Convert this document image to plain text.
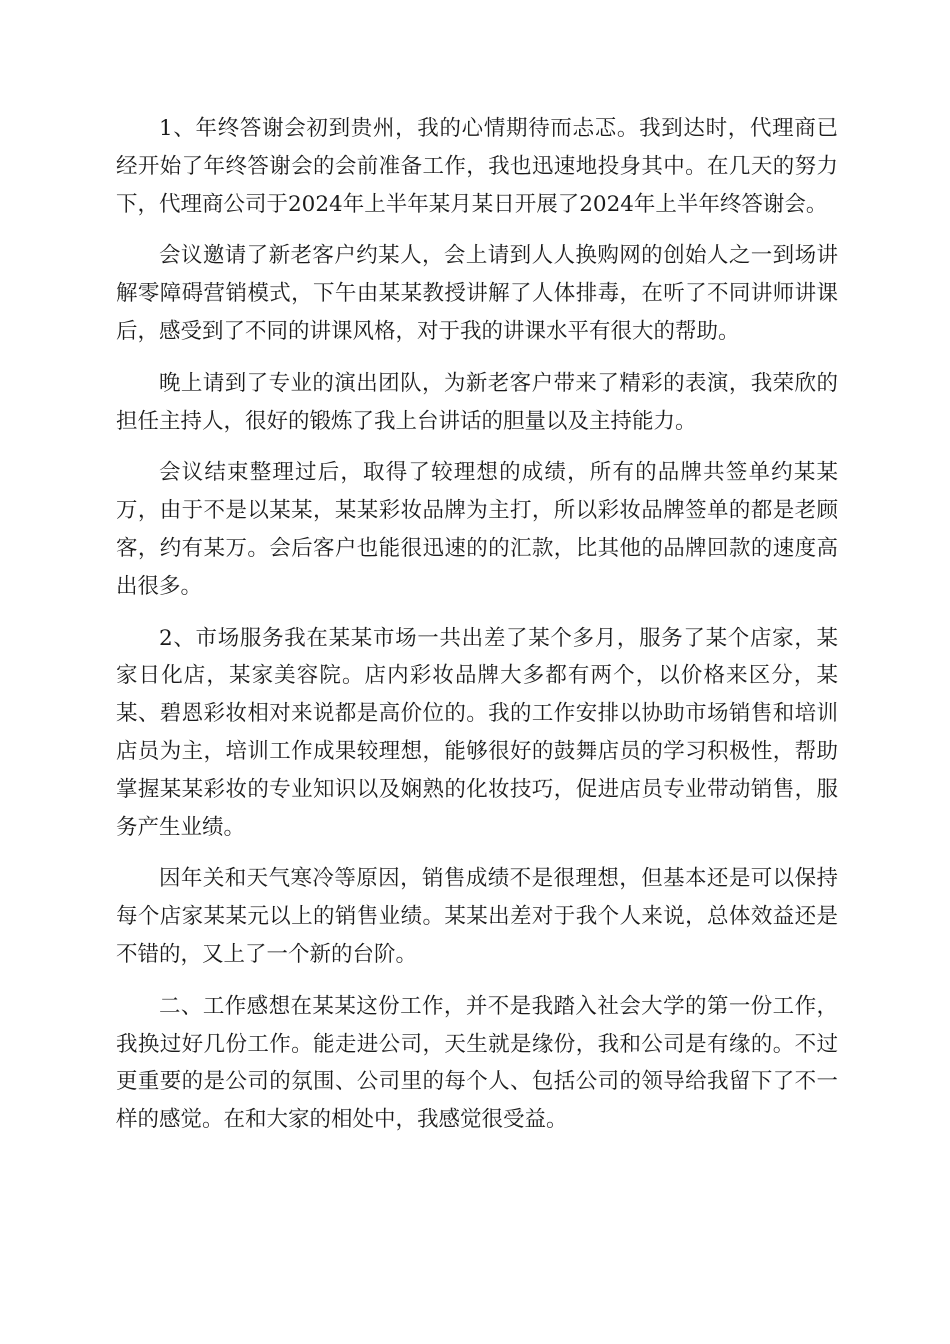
1、年终答谢会初到贵州，我的心情期待而忐忑。我到达时，代理商已经开始了年终答谢会的会前准备工作，我也迅速地投身其中。在几天的努力下，代理商公司于2024年上半年某月某日开展了2024年上半年终答谢会。

会议邀请了新老客户约某人，会上请到人人换购网的创始人之一到场讲解零障碍营销模式，下午由某某教授讲解了人体排毒，在听了不同讲师讲课后，感受到了不同的讲课风格，对于我的讲课水平有很大的帮助。

晚上请到了专业的演出团队，为新老客户带来了精彩的表演，我荣欣的担任主持人，很好的锻炼了我上台讲话的胆量以及主持能力。

会议结束整理过后，取得了较理想的成绩，所有的品牌共签单约某某万，由于不是以某某，某某彩妆品牌为主打，所以彩妆品牌签单的都是老顾客，约有某万。会后客户也能很迅速的的汇款，比其他的品牌回款的速度高出很多。

2、市场服务我在某某市场一共出差了某个多月，服务了某个店家，某家日化店，某家美容院。店内彩妆品牌大多都有两个，以价格来区分，某某、碧恩彩妆相对来说都是高价位的。我的工作安排以协助市场销售和培训店员为主，培训工作成果较理想，能够很好的鼓舞店员的学习积极性，帮助掌握某某彩妆的专业知识以及娴熟的化妆技巧，促进店员专业带动销售，服务产生业绩。

因年关和天气寒冷等原因，销售成绩不是很理想，但基本还是可以保持每个店家某某元以上的销售业绩。某某出差对于我个人来说，总体效益还是不错的，又上了一个新的台阶。

二、工作感想在某某这份工作，并不是我踏入社会大学的第一份工作，我换过好几份工作。能走进公司，天生就是缘份，我和公司是有缘的。不过更重要的是公司的氛围、公司里的每个人、包括公司的领导给我留下了不一样的感觉。在和大家的相处中，我感觉很受益。
